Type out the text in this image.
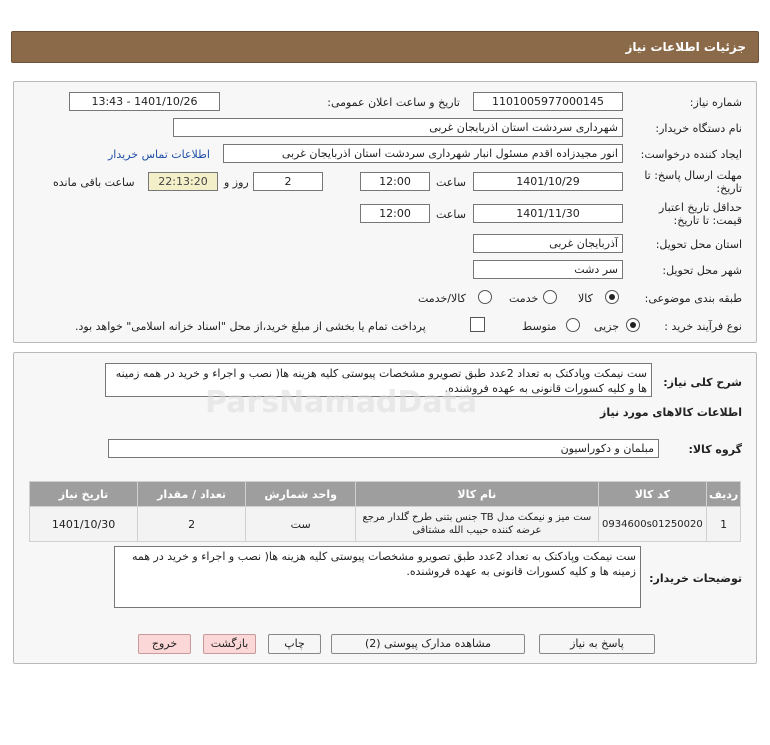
جزئیات اطلاعات نیاز
شماره نیاز:
1101005977000145
تاریخ و ساعت اعلان عمومی:
1401/10/26 - 13:43
نام دستگاه خریدار:
شهرداری سردشت استان اذربایجان غربی
ایجاد کننده درخواست:
انور مجیدزاده اقدم مسئول انبار شهرداری سردشت استان اذربایجان غربی
اطلاعات تماس خریدار
مهلت ارسال پاسخ: تا
تاریخ:
1401/10/29
ساعت
12:00
2
روز و
22:13:20
ساعت باقی مانده
حداقل تاریخ اعتبار
قیمت: تا تاریخ:
1401/11/30
ساعت
12:00
استان محل تحویل:
آذربایجان غربی
شهر محل تحویل:
سر دشت
طبقه بندی موضوعی:
کالا
خدمت
کالا/خدمت
نوع فرآیند خرید :
جزیی
متوسط
پرداخت تمام یا بخشی از مبلغ خرید،از محل "اسناد خزانه اسلامی" خواهد بود.
شرح کلی نیاز:
ست نیمکت وپادکتک به تعداد 2عدد طبق تصویرو مشخصات پیوستی کلیه هزینه ها( نصب و اجراء و خرید در همه زمینه ها و کلیه کسورات قانونی به عهده فروشنده.
اطلاعات کالاهای مورد نیاز
گروه کالا:
مبلمان و دکوراسیون
ردیف	کد کالا	نام کالا	واحد شمارش	تعداد / مقدار	تاریخ نیاز
1	0934600s01250020	ست میز و نیمکت مدل TB جنس بتنی طرح گلدار مرجع عرضه کننده حبیب الله مشتاقی	ست	2	1401/10/30
توضیحات خریدار:
ست نیمکت وپادکتک به تعداد 2عدد طبق تصویرو مشخصات پیوستی کلیه هزینه ها( نصب و اجراء و خرید در همه زمینه ها و کلیه کسورات قانونی به عهده فروشنده.
پاسخ به نیاز
مشاهده مدارک پیوستی (2)
چاپ
بازگشت
خروج
ParsNamadData
